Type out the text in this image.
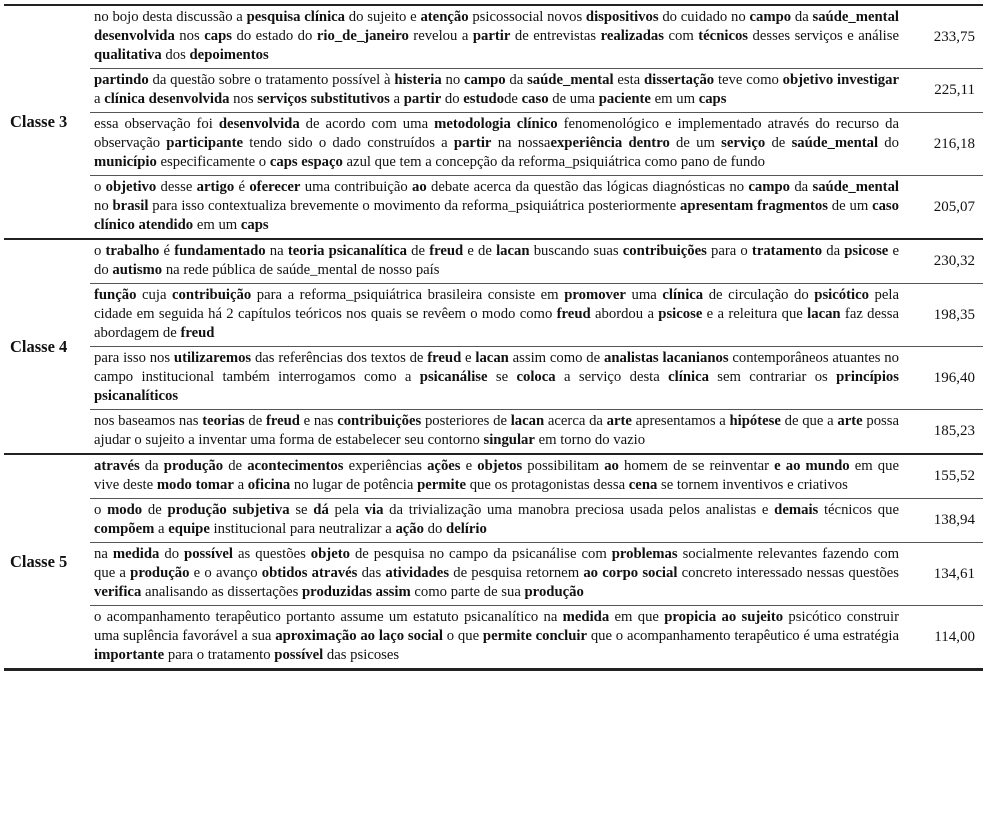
Classe 3	no bojo desta discussão a pesquisa clínica do sujeito e atenção psicossocial novos dispositivos do cuidado no campo da saúde_mental desenvolvida nos caps do estado do rio_de_janeiro revelou a partir de entrevistas realizadas com técnicos desses serviços e análise qualitativa dos depoimentos	233,75
	partindo da questão sobre o tratamento possível à histeria no campo da saúde_mental esta dissertação teve como objetivo investigar a clínica desenvolvida nos serviços substitutivos a partir do estudode caso de uma paciente em um caps	225,11
	essa observação foi desenvolvida de acordo com uma metodologia clínico fenomenológico e implementado através do recurso da observação participante tendo sido o dado construídos a partir na nossaexperiência dentro de um serviço de saúde_mental do município especificamente o caps espaço azul que tem a concepção da reforma_psiquiátrica como pano de fundo	216,18
	o objetivo desse artigo é oferecer uma contribuição ao debate acerca da questão das lógicas diagnósticas no campo da saúde_mental no brasil para isso contextualiza brevemente o movimento da reforma_psiquiátrica posteriormente apresentam fragmentos de um caso clínico atendido em um caps	205,07
Classe 4	o trabalho é fundamentado na teoria psicanalítica de freud e de lacan buscando suas contribuições para o tratamento da psicose e do autismo na rede pública de saúde_mental de nosso país	230,32
	função cuja contribuição para a reforma_psiquiátrica brasileira consiste em promover uma clínica de circulação do psicótico pela cidade em seguida há 2 capítulos teóricos nos quais se revêem o modo como freud abordou a psicose e a releitura que lacan faz dessa abordagem de freud	198,35
	para isso nos utilizaremos das referências dos textos de freud e lacan assim como de analistas lacanianos contemporâneos atuantes no campo institucional também interrogamos como a psicanálise se coloca a serviço desta clínica sem contrariar os princípios psicanalíticos	196,40
	nos baseamos nas teorias de freud e nas contribuições posteriores de lacan acerca da arte apresentamos a hipótese de que a arte possa ajudar o sujeito a inventar uma forma de estabelecer seu contorno singular em torno do vazio	185,23
Classe 5	através da produção de acontecimentos experiências ações e objetos possibilitam ao homem de se reinventar e ao mundo em que vive deste modo tomar a oficina no lugar de potência permite que os protagonistas dessa cena se tornem inventivos e criativos	155,52
	o modo de produção subjetiva se dá pela via da trivialização uma manobra preciosa usada pelos analistas e demais técnicos que compõem a equipe institucional para neutralizar a ação do delírio	138,94
	na medida do possível as questões objeto de pesquisa no campo da psicanálise com problemas socialmente relevantes fazendo com que a produção e o avanço obtidos através das atividades de pesquisa retornem ao corpo social concreto interessado nessas questões verifica analisando as dissertações produzidas assim como parte de sua produção	134,61
	o acompanhamento terapêutico portanto assume um estatuto psicanalítico na medida em que propicia ao sujeito psicótico construir uma suplência favorável a sua aproximação ao laço social o que permite concluir que o acompanhamento terapêutico é uma estratégia importante para o tratamento possível das psicoses	114,00
